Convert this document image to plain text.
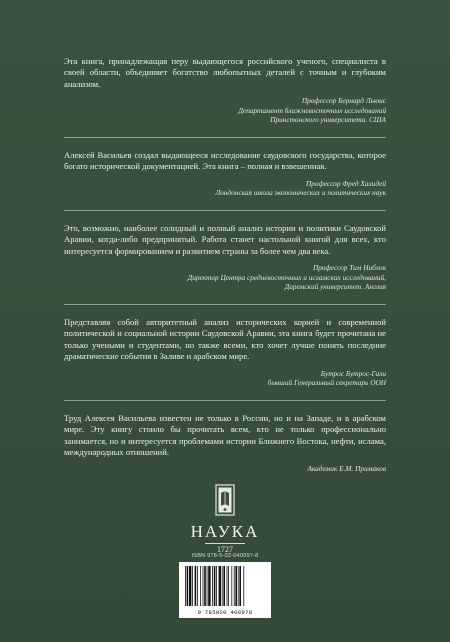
Эта книга, принадлежащая перу выдающегося российского ученого, специалиста в своей области, объединяет богатство любопытных деталей с точным и глубоким анализом.

Профессор Бернард Льюис
Департамент ближневосточных исследований
Принстонского университета. США

Алексей Васильев создал выдающееся исследование саудовского государства, которое богато исторической документацией. Эта книга – полная и взвешенная.

Профессор Фред Халидей
Лондонская школа экономических и политических наук

Это, возможно, наиболее солидный и полный анализ истории и политики Саудовской Аравии, когда-либо предпринятый. Работа станет настольной книгой для всех, кто интересуется формированием и развитием страны за более чем два века.

Профессор Тим Ниблок
Директор Центра средневосточных и исламских исследований,
Даремский университет. Англия

Представляя собой авторитетный анализ исторических корней и современной политической и социальной истории Саудовской Аравии, эта книга будет прочитана не только учеными и студентами, но также всеми, кто хочет лучше понять последние драматические события в Заливе и арабском мире.

Бутрос Бутрос-Гали
бывший Генеральный секретарь ООН

Труд Алексея Васильева известен не только в России, но и на Западе, и в арабском мире. Эту книгу стоило бы прочитать всем, кто не только профессионально занимается, но и интересуется проблемами истории Ближнего Востока, нефти, ислама, международных отношений.

Академик Е.М. Примаков
НАУКА
1727
ISBN 978-5-02-040097-8
9 785020 400978
